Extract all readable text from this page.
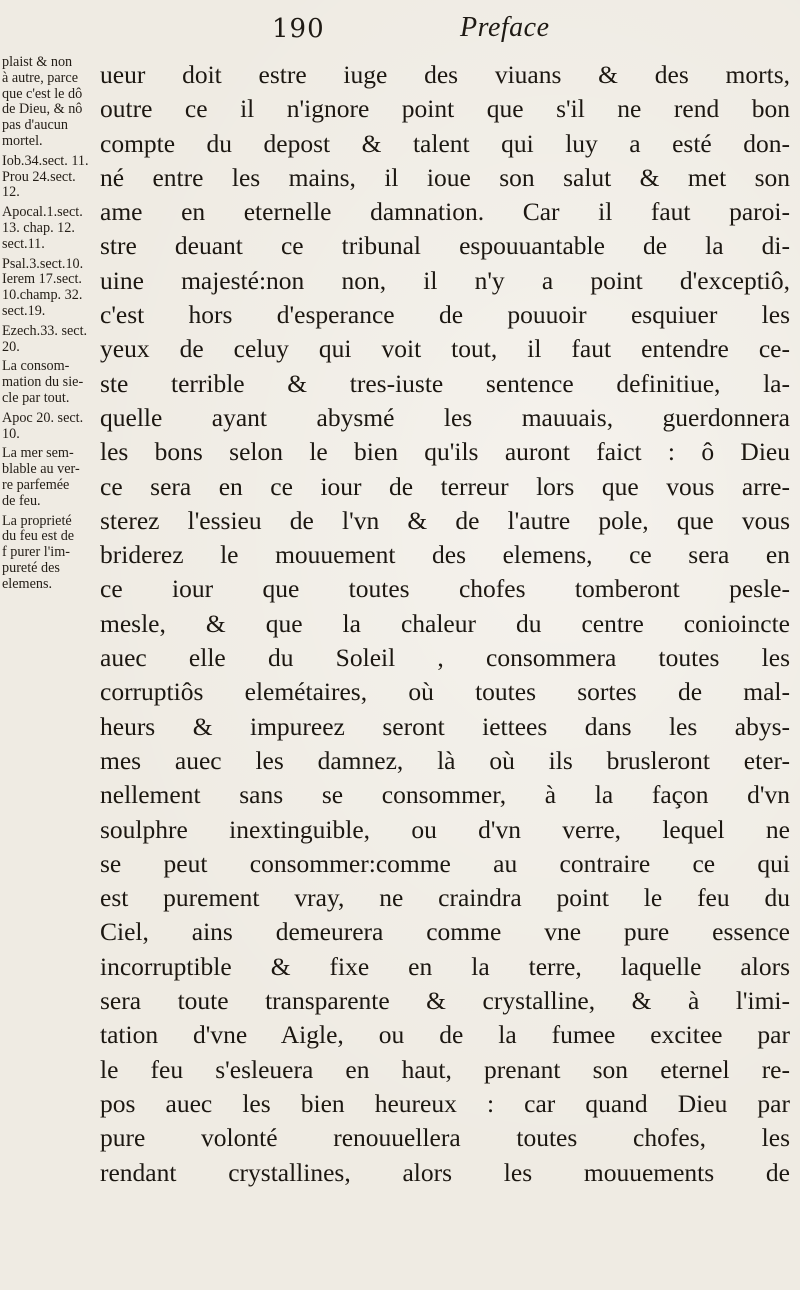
190	Preface
plaist & non
à autre, parce
que c'est le dô
de Dieu, & nô
pas d'aucun
mortel.
Iob.34.sect. 11.
Prou 24.sect.
12.
Apocal.1.sect.
13. chap. 12.
sect.11.
Psal.3.sect.10.
Ierem 17.sect.
10.champ. 32.
sect.19.
Ezech.33. sect.
20.
La consom-
mation du sie-
cle par tout.
Apoc 20. sect.
10.
La mer sem-
blable au ver-
re parfemée
de feu.
La proprieté
du feu est de
f purer l'im-
pureté des
elemens.
ueur doit estre iuge des viuans & des morts,
outre ce il n'ignore point que s'il ne rend bon
compte du depost & talent qui luy a esté don-
né entre les mains, il ioue son salut & met son
ame en eternelle damnation. Car il faut paroi-
stre deuant ce tribunal espouuantable de la di-
uine majesté:non non, il n'y a point d'exceptiô,
c'est hors d'esperance de pouuoir esquiuer les
yeux de celuy qui voit tout, il faut entendre ce-
ste terrible & tres-iuste sentence definitiue, la-
quelle ayant abysmé les mauuais, guerdonnera
les bons selon le bien qu'ils auront faict : ô Dieu
ce sera en ce iour de terreur lors que vous arre-
sterez l'essieu de l'vn & de l'autre pole, que vous
briderez le mouuement des elemens, ce sera en
ce iour que toutes chofes tomberont pesle-
mesle, & que la chaleur du centre conioincte
auec elle du Soleil , consommera toutes les
corruptiôs elemétaires, où toutes sortes de mal-
heurs & impureez seront iettees dans les abys-
mes auec les damnez, là où ils brusleront eter-
nellement sans se consommer, à la façon d'vn
soulphre inextinguible, ou d'vn verre, lequel ne
se peut consommer:comme au contraire ce qui
est purement vray, ne craindra point le feu du
Ciel, ains demeurera comme vne pure essence
incorruptible & fixe en la terre, laquelle alors
sera toute transparente & crystalline, & à l'imi-
tation d'vne Aigle, ou de la fumee excitee par
le feu s'esleuera en haut, prenant son eternel re-
pos auec les bien heureux : car quand Dieu par
pure volonté renouuellera toutes chofes, les
rendant crystallines, alors les mouuements de
